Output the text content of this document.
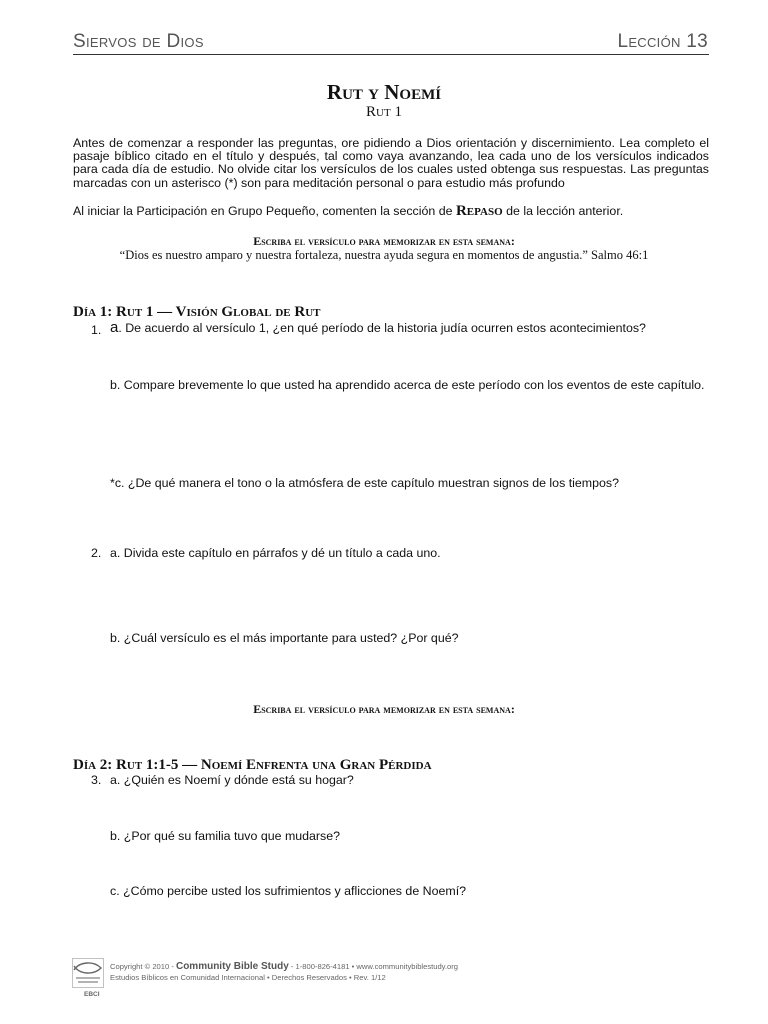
Siervos de Dios	Lección 13
Rut y Noemí
Rut 1
Antes de comenzar a responder las preguntas, ore pidiendo a Dios orientación y discernimiento. Lea completo el pasaje bíblico citado en el título y después, tal como vaya avanzando, lea cada uno de los versículos indicados para cada día de estudio. No olvide citar los versículos de los cuales usted obtenga sus respuestas. Las preguntas marcadas con un asterisco (*) son para meditación personal o para estudio más profundo
Al iniciar la Participación en Grupo Pequeño, comenten la sección de Repaso de la lección anterior.
Escriba el versículo para memorizar en esta semana:
“Dios es nuestro amparo y nuestra fortaleza, nuestra ayuda segura en momentos de angustia.” Salmo 46:1
Día 1: Rut 1 — Visión Global de Rut
1. a. De acuerdo al versículo 1, ¿en qué período de la historia judía ocurren estos acontecimientos?
b. Compare brevemente lo que usted ha aprendido acerca de este período con los eventos de este capítulo.
*c. ¿De qué manera el tono o la atmósfera de este capítulo muestran signos de los tiempos?
2. a. Divida este capítulo en párrafos y dé un título a cada uno.
b. ¿Cuál versículo es el más importante para usted? ¿Por qué?
Escriba el versículo para memorizar en esta semana:
Día 2: Rut 1:1-5 — Noemí Enfrenta una Gran Pérdida
3. a. ¿Quién es Noemí y dónde está su hogar?
b. ¿Por qué su familia tuvo que mudarse?
c. ¿Cómo percibe usted los sufrimientos y aflicciones de Noemí?
EBCI
Copyright © 2010 - Community Bible Study - 1-800-826-4181 • www.communitybiblestudy.org
Estudios Bíblicos en Comunidad Internacional • Derechos Reservados • Rev. 1/12
